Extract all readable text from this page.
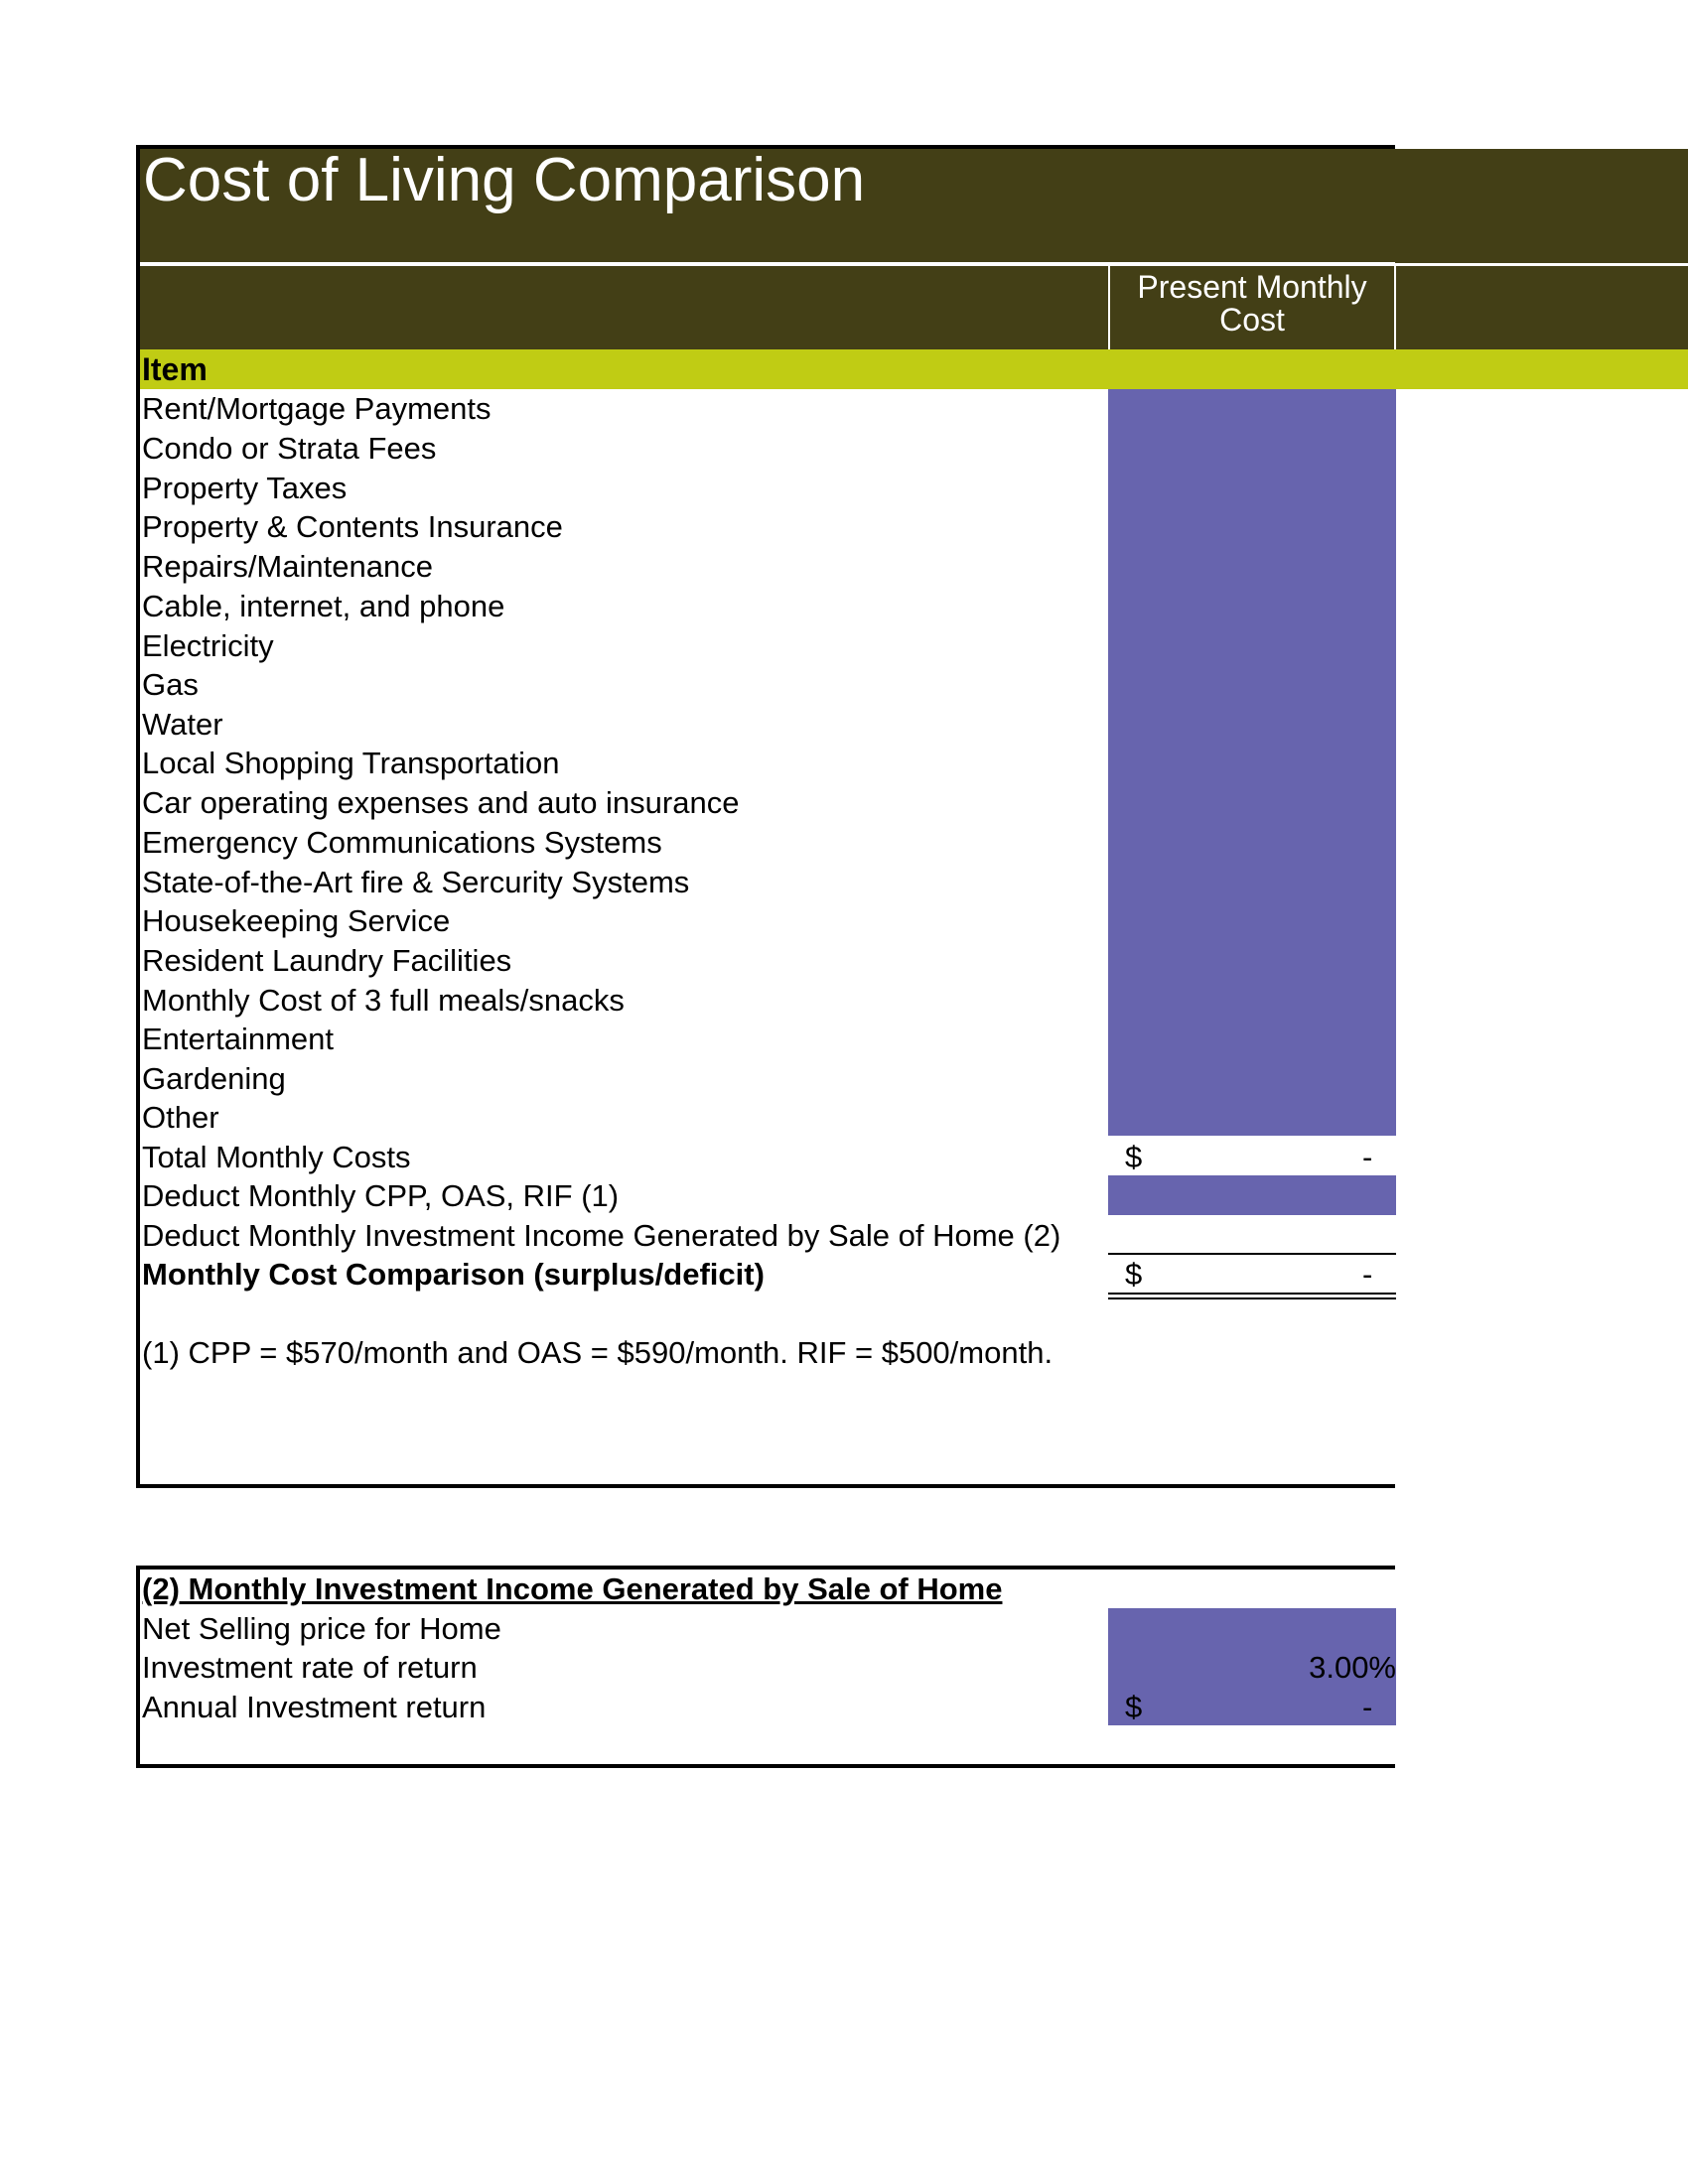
Cost of Living Comparison
Present Monthly Cost
Item
Rent/Mortgage Payments
Condo or Strata Fees
Property Taxes
Property & Contents Insurance
Repairs/Maintenance
Cable, internet, and phone
Electricity
Gas
Water
Local Shopping Transportation
Car operating expenses and auto insurance
Emergency Communications Systems
State-of-the-Art fire & Sercurity Systems
Housekeeping Service
Resident Laundry Facilities
Monthly Cost of 3 full meals/snacks
Entertainment
Gardening
Other
Total Monthly Costs	$	-
Deduct Monthly CPP, OAS, RIF (1)
Deduct Monthly Investment Income Generated by Sale of Home (2)
Monthly Cost Comparison (surplus/deficit)	$	-
(1) CPP = $570/month and OAS = $590/month. RIF = $500/month.
(2) Monthly Investment Income Generated by Sale of Home
Net Selling price for Home
Investment rate of return	3.00%
Annual Investment return	$	-
